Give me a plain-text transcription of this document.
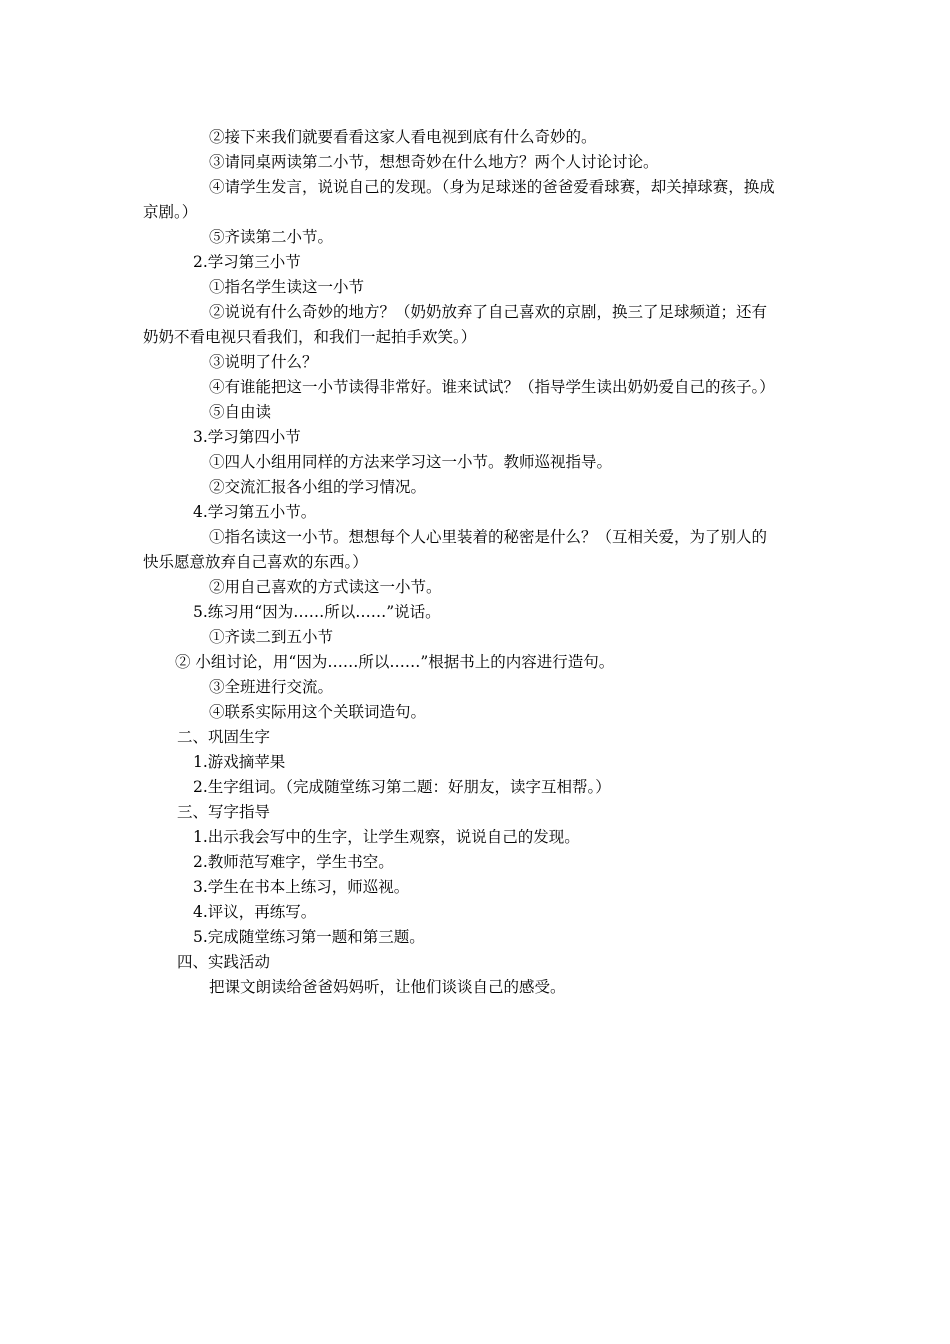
②接下来我们就要看看这家人看电视到底有什么奇妙的。
③请同桌两读第二小节，想想奇妙在什么地方？两个人讨论讨论。
④请学生发言，说说自己的发现。（身为足球迷的爸爸爱看球赛，却关掉球赛，换成
京剧。）
⑤齐读第二小节。
2.学习第三小节
①指名学生读这一小节
②说说有什么奇妙的地方？（奶奶放弃了自己喜欢的京剧，换三了足球频道；还有
奶奶不看电视只看我们，和我们一起拍手欢笑。）
③说明了什么？
④有谁能把这一小节读得非常好。谁来试试？（指导学生读出奶奶爱自己的孩子。）
⑤自由读
3.学习第四小节
①四人小组用同样的方法来学习这一小节。教师巡视指导。
②交流汇报各小组的学习情况。
4.学习第五小节。
①指名读这一小节。想想每个人心里装着的秘密是什么？（互相关爱，为了别人的
快乐愿意放弃自己喜欢的东西。）
②用自己喜欢的方式读这一小节。
5.练习用“因为……所以……”说话。
①齐读二到五小节
② 小组讨论，用“因为……所以……”根据书上的内容进行造句。
③全班进行交流。
④联系实际用这个关联词造句。
二、巩固生字
1.游戏摘苹果
2.生字组词。（完成随堂练习第二题：好朋友，读字互相帮。）
三、写字指导
1.出示我会写中的生字，让学生观察，说说自己的发现。
2.教师范写难字，学生书空。
3.学生在书本上练习，师巡视。
4.评议，再练写。
5.完成随堂练习第一题和第三题。
四、实践活动
把课文朗读给爸爸妈妈听，让他们谈谈自己的感受。
